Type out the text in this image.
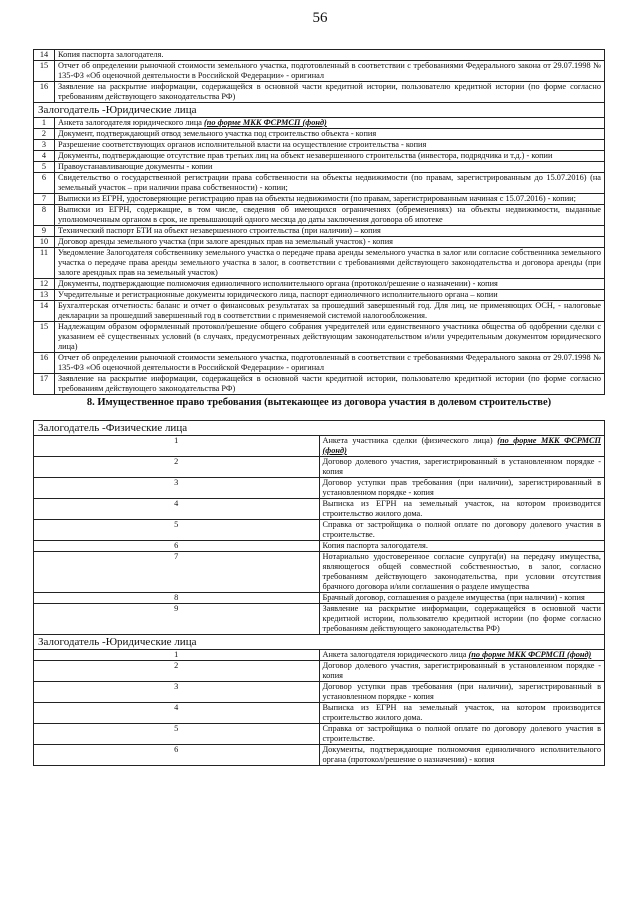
56
14	Копия паспорта залогодателя.
15	Отчет об определении рыночной стоимости земельного участка, подготовленный в соответствии с требованиями Федерального закона от 29.07.1998 № 135-ФЗ «Об оценочной деятельности в Российской Федерации» - оригинал
16	Заявление на раскрытие информации, содержащейся в основной части кредитной истории, пользователю кредитной истории (по форме согласно требованиям действующего законодательства РФ)
Залогодатель -Юридические лица	
1	Анкета залогодателя юридического лица (по форме МКК ФСРМСП (фонд)
2	Документ, подтверждающий отвод земельного участка под строительство объекта - копия
3	Разрешение соответствующих органов исполнительной власти на осуществление строительства - копия
4	Документы, подтверждающие отсутствие прав третьих лиц на объект незавершенного строительства (инвестора, подрядчика и т.д.) - копии
5	Правоустанавливающие документы - копии
6	Свидетельство о государственной регистрации права собственности на объекты недвижимости (по правам, зарегистрированным до 15.07.2016) (на земельный участок – при наличии права собственности) - копии;
7	Выписки из ЕГРН, удостоверяющие регистрацию прав на объекты недвижимости (по правам, зарегистрированным начиная с 15.07.2016) - копии;
8	Выписки из ЕГРН, содержащие, в том числе, сведения об имеющихся ограничениях (обременениях) на объекты недвижимости, выданные уполномоченным органом в срок, не превышающий одного месяца до даты заключения договора об ипотеке
9	Технический паспорт БТИ на объект незавершенного строительства (при наличии) – копия
10	Договор аренды земельного участка (при залоге арендных прав на земельный участок) - копия
11	Уведомление Залогодателя собственнику земельного участка о передаче права аренды земельного участка в залог или согласие собственника земельного участка о передаче права аренды земельного участка в залог, в соответствии с требованиями действующего законодательства и договора аренды (при залоге арендных прав на земельный участок)
12	Документы, подтверждающие полномочия единоличного исполнительного органа (протокол/решение о назначении) - копия
13	Учредительные и регистрационные документы юридического лица, паспорт единоличного исполнительного органа – копии
14	Бухгалтерская отчетность: баланс и отчет о финансовых результатах за прошедший завершенный год. Для лиц, не применяющих ОСН, - налоговые декларации за прошедший завершенный год в соответствии с применяемой системой налогообложения.
15	Надлежащим образом оформленный протокол/решение общего собрания учредителей или единственного участника общества об одобрении сделки с указанием её существенных условий (в случаях, предусмотренных действующим законодательством и/или учредительным документом юридического лица)
16	Отчет об определении рыночной стоимости земельного участка, подготовленный в соответствии с требованиями Федерального закона от 29.07.1998 № 135-ФЗ «Об оценочной деятельности в Российской Федерации» - оригинал
17	Заявление на раскрытие информации, содержащейся в основной части кредитной истории, пользователю кредитной истории (по форме согласно требованиям действующего законодательства РФ)
8. Имущественное право требования (вытекающее из договора участия в долевом строительстве)
Залогодатель -Физические лица	
1	Анкета участника сделки (физического лица) (по форме МКК ФСРМСП (фонд)
2	Договор долевого участия, зарегистрированный в установленном порядке - копия
3	Договор уступки прав требования (при наличии), зарегистрированный в установленном порядке - копия
4	Выписка из ЕГРН на земельный участок, на котором производится строительство жилого дома.
5	Справка от застройщика о полной оплате по договору долевого участия в строительстве.
6	Копия паспорта залогодателя.
7	Нотариально удостоверенное согласие супруга(и) на передачу имущества, являющегося общей совместной собственностью, в залог, согласно требованиям действующего законодательства, при условии отсутствия брачного договора и/или соглашения о разделе имущества
8	Брачный договор, соглашения о разделе имущества (при наличии) - копия
9	Заявление на раскрытие информации, содержащейся в основной части кредитной истории, пользователю кредитной истории (по форме согласно требованиям действующего законодательства РФ)
Залогодатель -Юридические лица	
1	Анкета залогодателя юридического лица (по форме МКК ФСРМСП (фонд)
2	Договор долевого участия, зарегистрированный в установленном порядке - копия
3	Договор уступки прав требования (при наличии), зарегистрированный в установленном порядке - копия
4	Выписка из ЕГРН на земельный участок, на котором производится строительство жилого дома.
5	Справка от застройщика о полной оплате по договору долевого участия в строительстве.
6	Документы, подтверждающие полномочия единоличного исполнительного органа (протокол/решение о назначении) - копия
